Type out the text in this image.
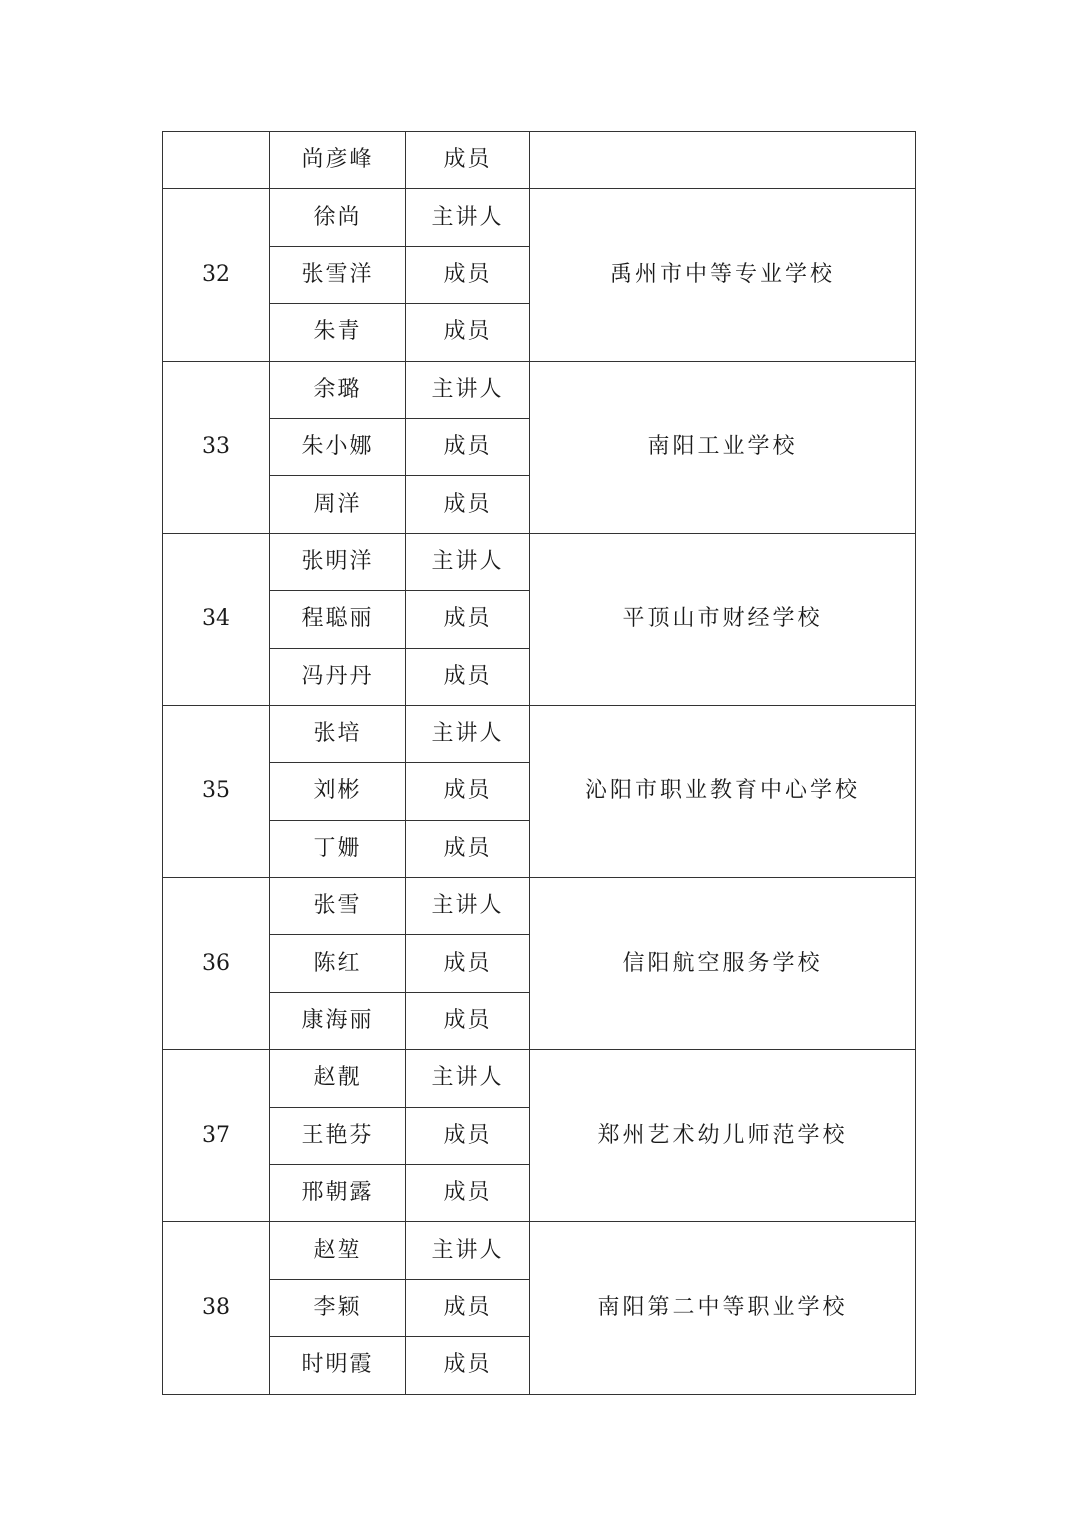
	尚彦峰	成员	
32	徐尚	主讲人	禹州市中等专业学校
	张雪洋	成员	
	朱青	成员	
33	余璐	主讲人	南阳工业学校
	朱小娜	成员	
	周洋	成员	
34	张明洋	主讲人	平顶山市财经学校
	程聪丽	成员	
	冯丹丹	成员	
35	张培	主讲人	沁阳市职业教育中心学校
	刘彬	成员	
	丁姗	成员	
36	张雪	主讲人	信阳航空服务学校
	陈红	成员	
	康海丽	成员	
37	赵靓	主讲人	郑州艺术幼儿师范学校
	王艳芬	成员	
	邢朝露	成员	
38	赵堃	主讲人	南阳第二中等职业学校
	李颖	成员	
	时明霞	成员	
